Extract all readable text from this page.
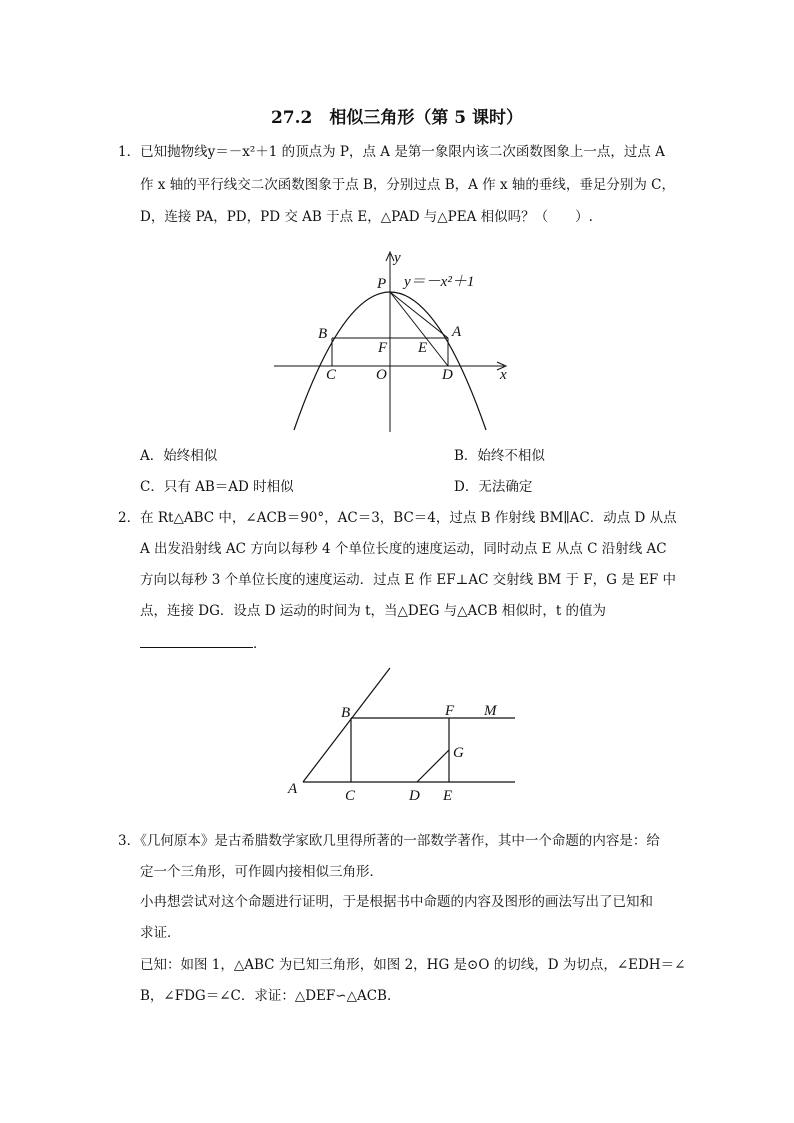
27.2　相似三角形（第 5 课时）
1．已知抛物线y＝－x²＋1 的顶点为 P，点 A 是第一象限内该二次函数图象上一点，过点 A
作 x 轴的平行线交二次函数图象于点 B，分别过点 B，A 作 x 轴的垂线，垂足分别为 C，
D，连接 PA，PD，PD 交 AB 于点 E，△PAD 与△PEA 相似吗？（　　）.
P y＝－x²＋1
A
B
F E
C	O	D	x
y
A．始终相似	B．始终不相似
C．只有 AB＝AD 时相似	D．无法确定
2．在 Rt△ABC 中，∠ACB＝90°，AC＝3，BC＝4，过点 B 作射线 BM∥AC．动点 D 从点
A 出发沿射线 AC 方向以每秒 4 个单位长度的速度运动，同时动点 E 从点 C 沿射线 AC
方向以每秒 3 个单位长度的速度运动．过点 E 作 EF⊥AC 交射线 BM 于 F，G 是 EF 中
点，连接 DG．设点 D 运动的时间为 t，当△DEG 与△ACB 相似时，t 的值为
．
A
B
C	D E
F
G
M
3．《几何原本》是古希腊数学家欧几里得所著的一部数学著作，其中一个命题的内容是：给
定一个三角形，可作圆内接相似三角形．
小冉想尝试对这个命题进行证明，于是根据书中命题的内容及图形的画法写出了已知和
求证．
已知：如图 1，△ABC 为已知三角形，如图 2，HG 是⊙O 的切线，D 为切点，∠EDH＝∠
B，∠FDG＝∠C．求证：△DEF∽△ACB．
